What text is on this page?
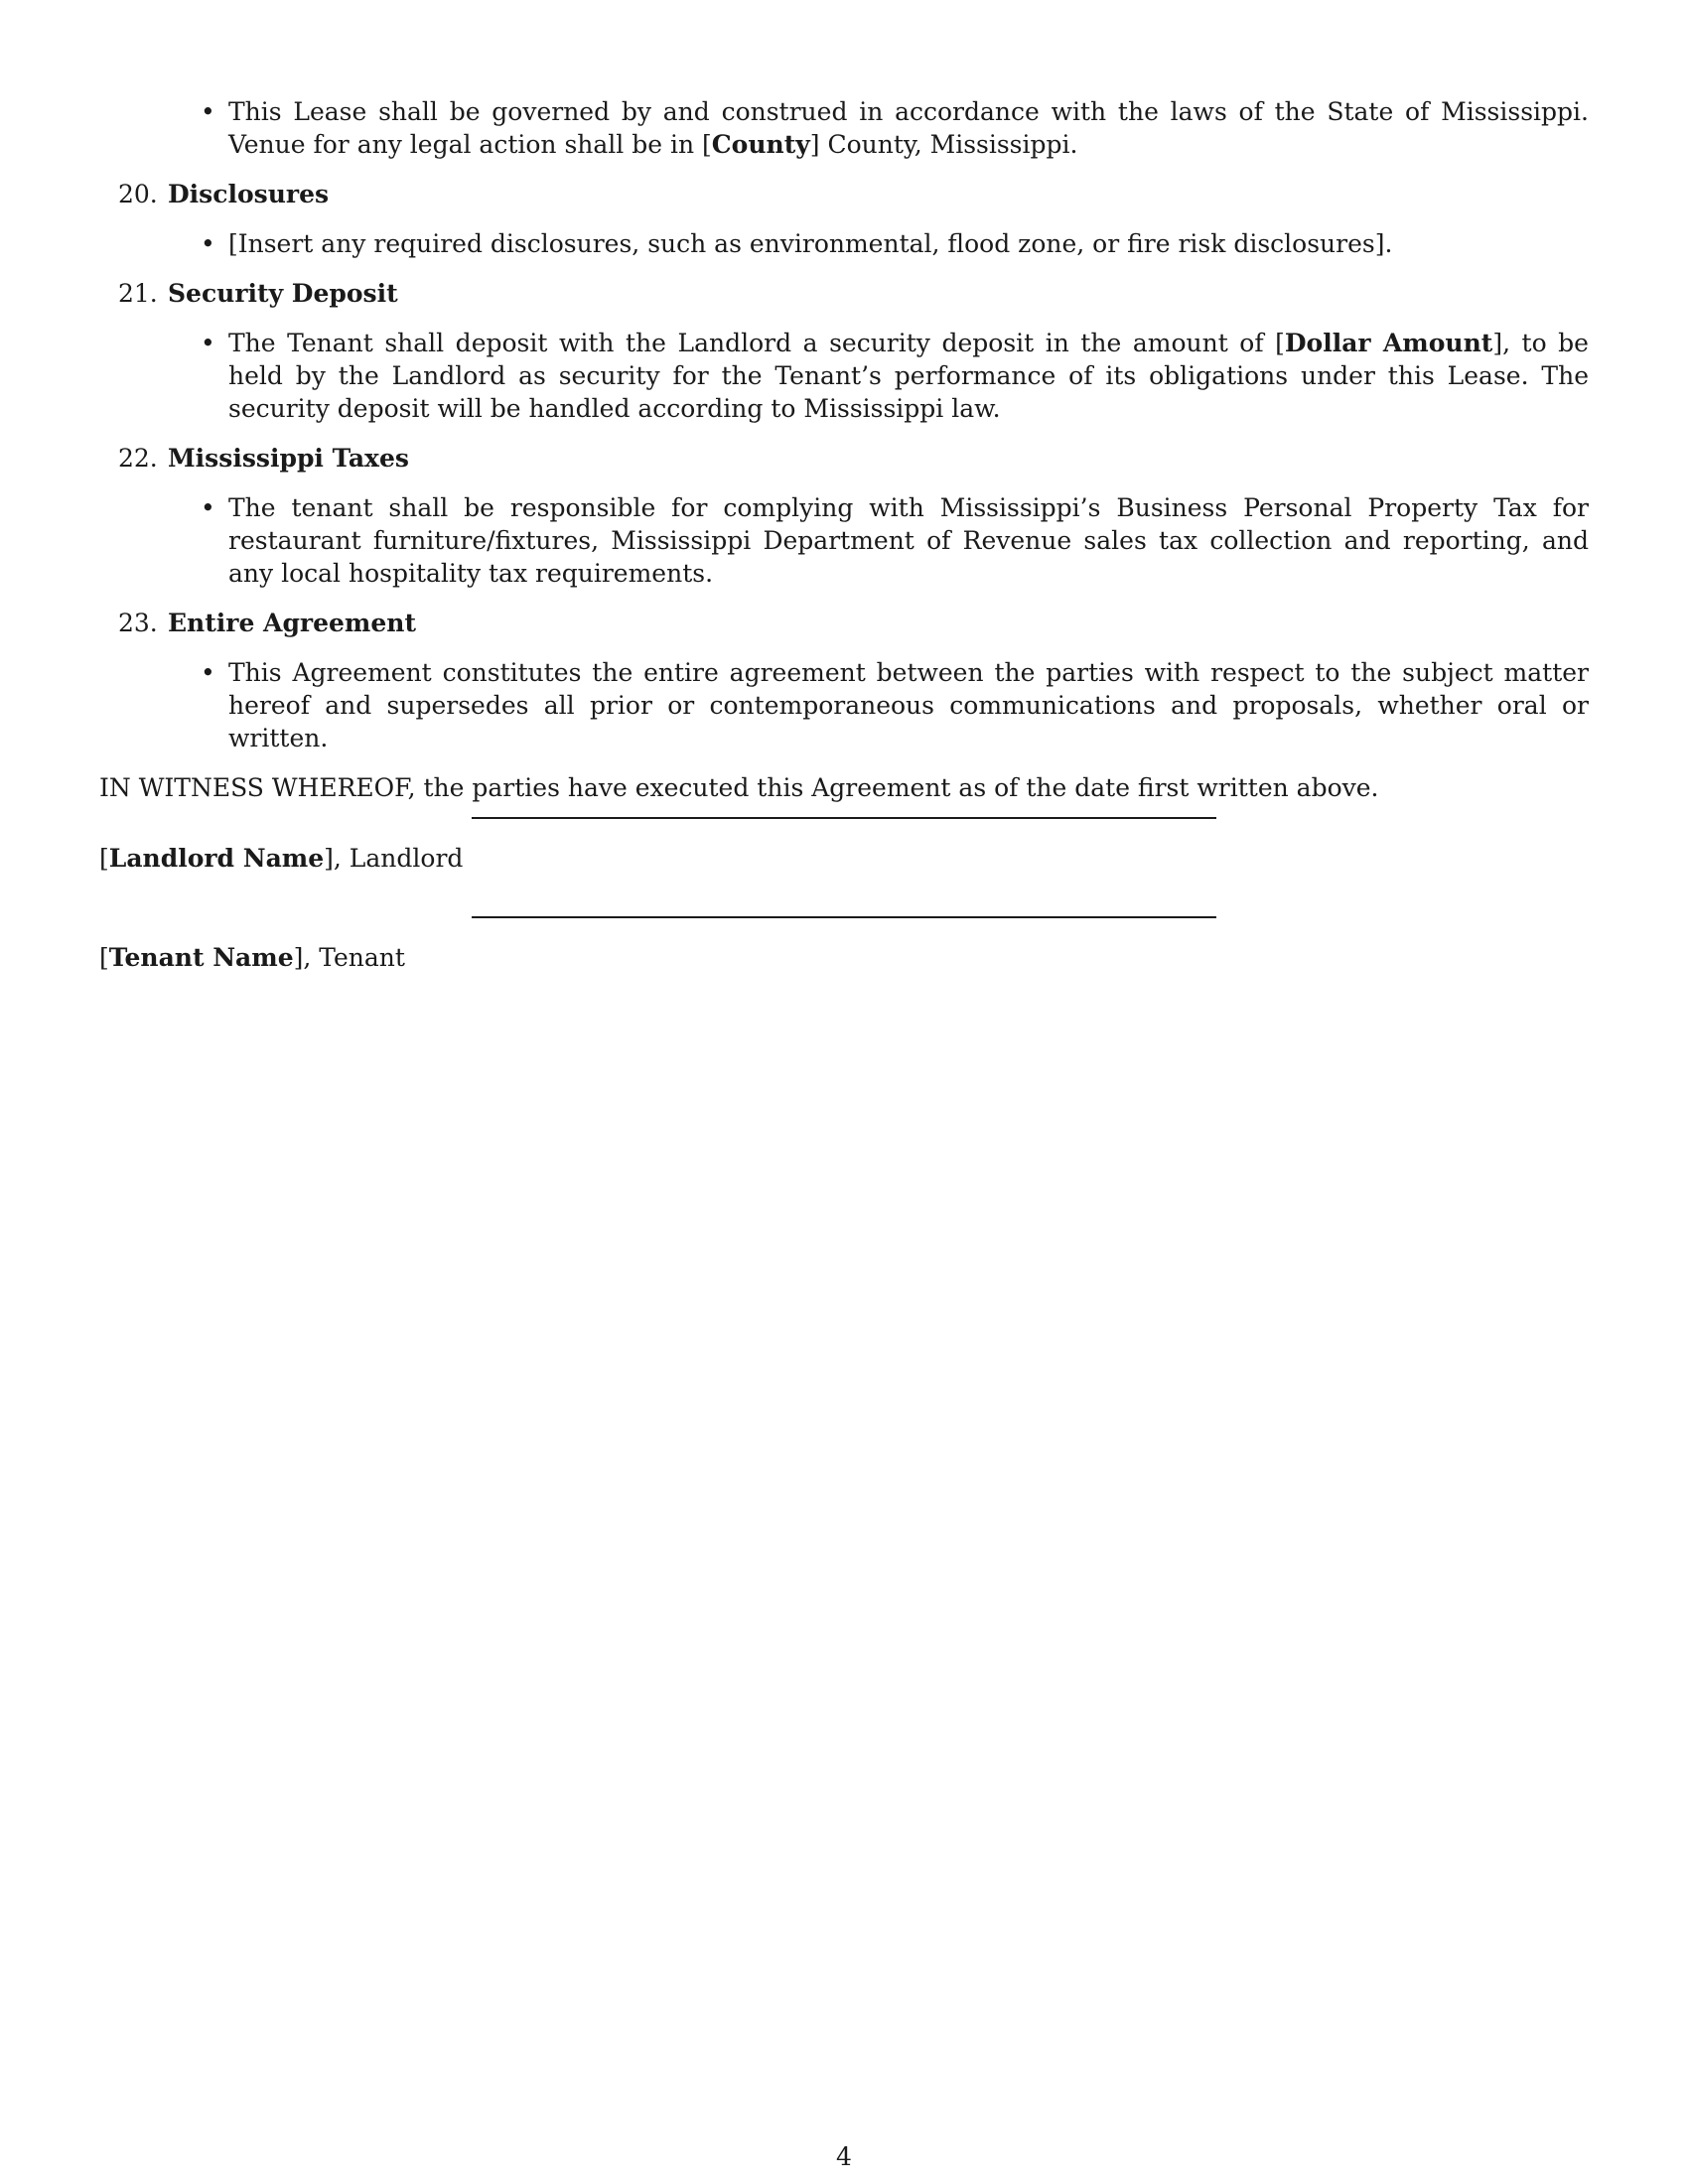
• This Lease shall be governed by and construed in accordance with the laws of the State of Mississippi. Venue for any legal action shall be in [County] County, Mississippi.
20. Disclosures
• [Insert any required disclosures, such as environmental, flood zone, or fire risk disclosures].
21. Security Deposit
• The Tenant shall deposit with the Landlord a security deposit in the amount of [Dollar Amount], to be held by the Landlord as security for the Tenant’s performance of its obligations under this Lease. The security deposit will be handled according to Mississippi law.
22. Mississippi Taxes
• The tenant shall be responsible for complying with Mississippi’s Business Personal Property Tax for restaurant furniture/fixtures, Mississippi Department of Revenue sales tax collection and reporting, and any local hospitality tax requirements.
23. Entire Agreement
• This Agreement constitutes the entire agreement between the parties with respect to the subject matter hereof and supersedes all prior or contemporaneous communications and proposals, whether oral or written.
IN WITNESS WHEREOF, the parties have executed this Agreement as of the date first written above.
[Landlord Name], Landlord
[Tenant Name], Tenant
4
